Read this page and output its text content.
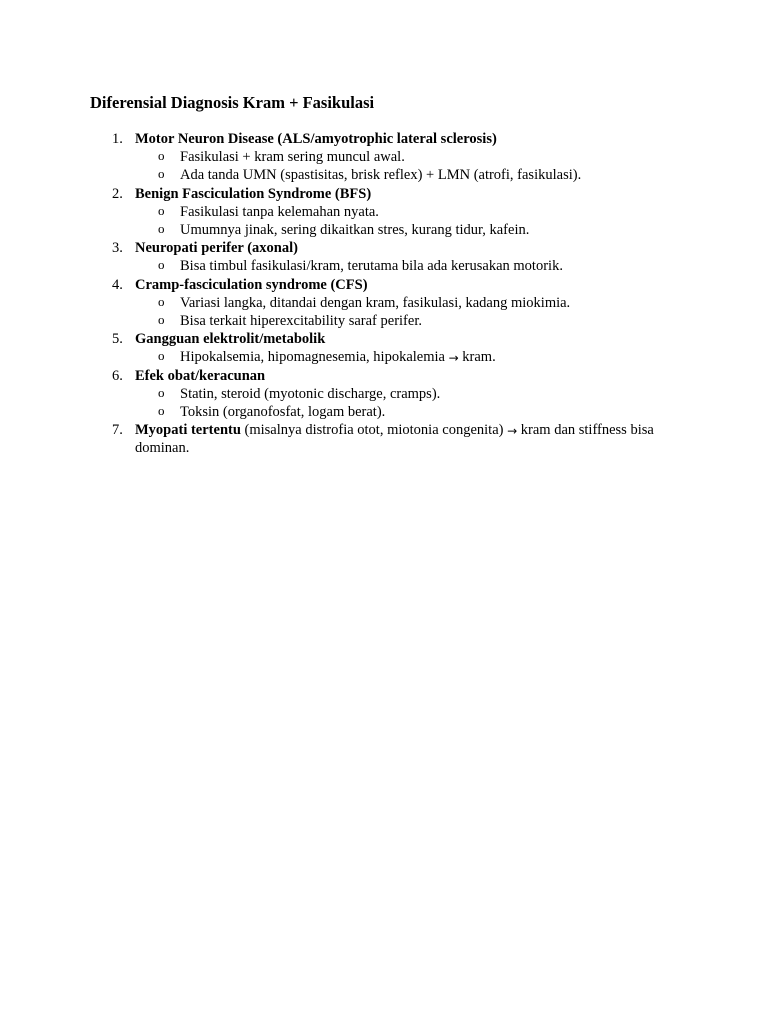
Diferensial Diagnosis Kram + Fasikulasi
1. Motor Neuron Disease (ALS/amyotrophic lateral sclerosis)
o Fasikulasi + kram sering muncul awal.
o Ada tanda UMN (spastisitas, brisk reflex) + LMN (atrofi, fasikulasi).
2. Benign Fasciculation Syndrome (BFS)
o Fasikulasi tanpa kelemahan nyata.
o Umumnya jinak, sering dikaitkan stres, kurang tidur, kafein.
3. Neuropati perifer (axonal)
o Bisa timbul fasikulasi/kram, terutama bila ada kerusakan motorik.
4. Cramp-fasciculation syndrome (CFS)
o Variasi langka, ditandai dengan kram, fasikulasi, kadang miokimia.
o Bisa terkait hiperexcitability saraf perifer.
5. Gangguan elektrolit/metabolik
o Hipokalsemia, hipomagnesemia, hipokalemia → kram.
6. Efek obat/keracunan
o Statin, steroid (myotonic discharge, cramps).
o Toksin (organofosfat, logam berat).
7. Myopati tertentu (misalnya distrofia otot, miotonia congenita) → kram dan stiffness bisa dominan.
